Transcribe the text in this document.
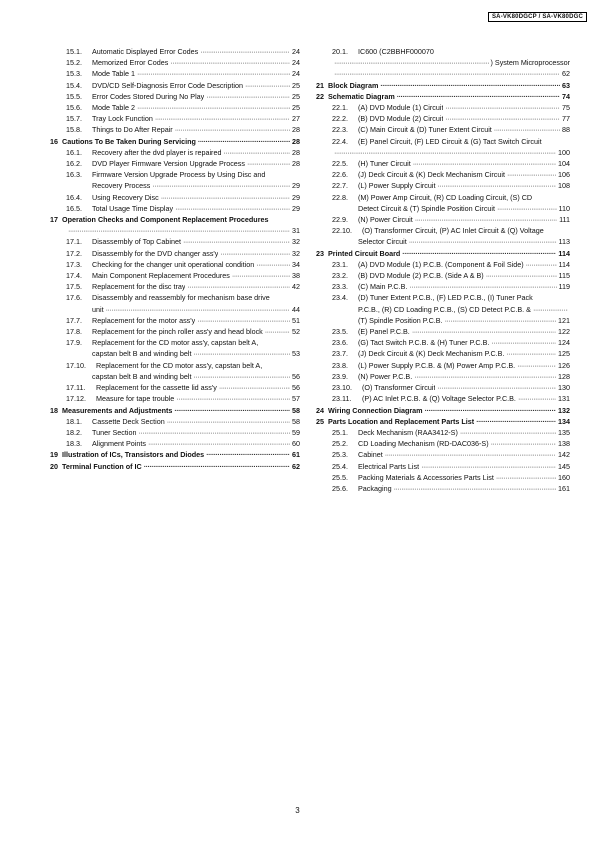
SA-VK80DGCP / SA-VK80DGC
15.1.	Automatic Displayed Error Codes ·····	24
15.2.	Memorized Error Codes ·····	24
15.3.	Mode Table 1 ·····	24
15.4.	DVD/CD Self-Diagnosis Error Code Description ·····	25
15.5.	Error Codes Stored During No Play ·····	25
15.6.	Mode Table 2 ·····	25
15.7.	Tray Lock Function ·····	27
15.8.	Things to Do After Repair ·····	28
16 Cautions To Be Taken During Servicing ·····	28
16.1.	Recovery after the dvd player is repaired ·····	28
16.2.	DVD Player Firmware Version Upgrade Process ·····	28
16.3.	Firmware Version Upgrade Process by Using Disc and
Recovery Process ·····	29
16.4.	Using Recovery Disc ·····	29
16.5.	Total Usage Time Display ·····	29
17 Operation Checks and Component Replacement Procedures
·····
31
17.1.	Disassembly of Top Cabinet ·····	32
17.2.	Disassembly for the DVD changer ass'y ·····	32
17.3.	Checking for the changer unit operational condition ·····	34
17.4.	Main Component Replacement Procedures ·····	38
17.5.	Replacement for the disc tray ·····	42
17.6.	Disassembly and reassembly for mechanism base drive
unit ·····	44
17.7.	Replacement for the motor ass'y ·····	51
17.8.	Replacement for the pinch roller ass'y and head block ·····	52
17.9.	Replacement for the CD motor ass'y, capstan belt A,
capstan belt B and winding belt ·····	53
17.10.	Replacement for the CD motor ass'y, capstan belt A,
capstan belt B and winding belt ·····	56
17.11.	Replacement for the cassette lid ass'y ·····	56
17.12.	Measure for tape trouble ·····	57
18 Measurements and Adjustments ·····	58
18.1.	Cassette Deck Section ·····	58
18.2.	Tuner Section ·····	59
18.3.	Alignment Points ·····	60
19 Illustration of ICs, Transistors and Diodes ·····	61
20 Terminal Function of IC ·····	62
20.1.	IC600 (C2BBHF000070
·····
) System Microprocessor
·····
62
21 Block Diagram ·····	63
22 Schematic Diagram ·····	74
22.1.	(A) DVD Module (1) Circuit ·····	75
22.2.	(B) DVD Module (2) Circuit ·····	77
22.3.	(C) Main Circuit & (D) Tuner Extent Circuit ·····	88
22.4.	(E) Panel Circuit, (F) LED Circuit & (G) Tact Switch Circuit
·····
100
22.5.	(H) Tuner Circuit ·····	104
22.6.	(J) Deck Circuit & (K) Deck Mechanism Circuit ·····	106
22.7.	(L) Power Supply Circuit ·····	108
22.8.	(M) Power Amp Circuit, (R) CD Loading Circuit, (S) CD
Detect Circuit & (T) Spindle Position Circuit ·····	110
22.9.	(N) Power Circuit ·····	111
22.10.	(O) Transformer Circuit, (P) AC Inlet Circuit & (Q) Voltage
Selector Circuit ·····	113
23 Printed Circuit Board ·····	114
23.1.	(A) DVD Module (1) P.C.B. (Component & Foil Side) ·····	114
23.2.	(B) DVD Module (2) P.C.B. (Side A & B) ·····	115
23.3.	(C) Main P.C.B. ·····	119
23.4.	(D) Tuner Extent P.C.B., (F) LED P.C.B., (I) Tuner Pack
P.C.B., (R) CD Loading P.C.B., (S) CD Detect P.C.B. &
·····
(T) Spindle Position P.C.B. ·····	121
23.5.	(E) Panel P.C.B. ·····	122
23.6.	(G) Tact Switch P.C.B. & (H) Tuner P.C.B. ·····	124
23.7.	(J) Deck Circuit & (K) Deck Mechanism P.C.B. ·····	125
23.8.	(L) Power Supply P.C.B. & (M) Power Amp P.C.B. ·····	126
23.9.	(N) Power P.C.B. ·····	128
23.10.	(O) Transformer Circuit ·····	130
23.11.	(P) AC Inlet P.C.B. & (Q) Voltage Selector P.C.B. ·····	131
24 Wiring Connection Diagram ·····	132
25 Parts Location and Replacement Parts List ·····	134
25.1.	Deck Mechanism (RAA3412-S) ·····	135
25.2.	CD Loading Mechanism (RD-DAC036-S) ·····	138
25.3.	Cabinet ·····	142
25.4.	Electrical Parts List ·····	145
25.5.	Packing Materials & Accessories Parts List ·····	160
25.6.	Packaging ·····	161
3
